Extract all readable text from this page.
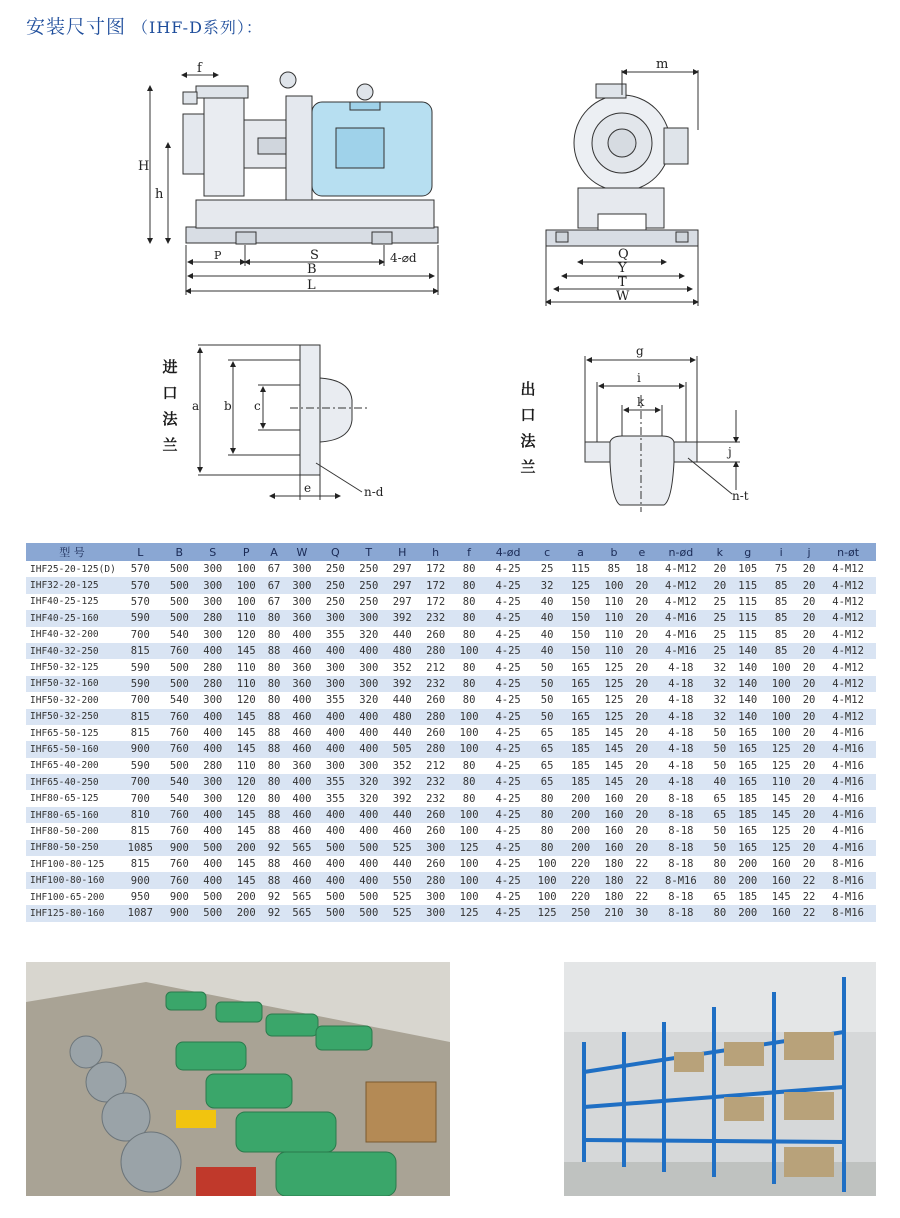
安装尺寸图 （IHF-D系列）：
f
H
h
P	S	4-⌀d
B
L
m
Q
Y
T
W
a b c
e	n-d
g
i
k
j
n-t
进
口
法
兰
出
口
法
兰
型 号	L	B	S	P	A	W	Q	T	H	h	f	4-ød	c	a	b	e	n-ød	k	g	i	j	n-øt
IHF25-20-125(D)	570	500	300	100	67	300	250	250	297	172	80	4-25	25	115	85	18	4-M12	20	105	75	20	4-M12
IHF32-20-125	570	500	300	100	67	300	250	250	297	172	80	4-25	32	125	100	20	4-M12	20	115	85	20	4-M12
IHF40-25-125	570	500	300	100	67	300	250	250	297	172	80	4-25	40	150	110	20	4-M12	25	115	85	20	4-M12
IHF40-25-160	590	500	280	110	80	360	300	300	392	232	80	4-25	40	150	110	20	4-M16	25	115	85	20	4-M12
IHF40-32-200	700	540	300	120	80	400	355	320	440	260	80	4-25	40	150	110	20	4-M16	25	115	85	20	4-M12
IHF40-32-250	815	760	400	145	88	460	400	400	480	280	100	4-25	40	150	110	20	4-M16	25	140	85	20	4-M12
IHF50-32-125	590	500	280	110	80	360	300	300	352	212	80	4-25	50	165	125	20	4-18	32	140	100	20	4-M12
IHF50-32-160	590	500	280	110	80	360	300	300	392	232	80	4-25	50	165	125	20	4-18	32	140	100	20	4-M12
IHF50-32-200	700	540	300	120	80	400	355	320	440	260	80	4-25	50	165	125	20	4-18	32	140	100	20	4-M12
IHF50-32-250	815	760	400	145	88	460	400	400	480	280	100	4-25	50	165	125	20	4-18	32	140	100	20	4-M12
IHF65-50-125	815	760	400	145	88	460	400	400	440	260	100	4-25	65	185	145	20	4-18	50	165	100	20	4-M16
IHF65-50-160	900	760	400	145	88	460	400	400	505	280	100	4-25	65	185	145	20	4-18	50	165	125	20	4-M16
IHF65-40-200	590	500	280	110	80	360	300	300	352	212	80	4-25	65	185	145	20	4-18	50	165	125	20	4-M16
IHF65-40-250	700	540	300	120	80	400	355	320	392	232	80	4-25	65	185	145	20	4-18	40	165	110	20	4-M16
IHF80-65-125	700	540	300	120	80	400	355	320	392	232	80	4-25	80	200	160	20	8-18	65	185	145	20	4-M16
IHF80-65-160	810	760	400	145	88	460	400	400	440	260	100	4-25	80	200	160	20	8-18	65	185	145	20	4-M16
IHF80-50-200	815	760	400	145	88	460	400	400	460	260	100	4-25	80	200	160	20	8-18	50	165	125	20	4-M16
IHF80-50-250	1085	900	500	200	92	565	500	500	525	300	125	4-25	80	200	160	20	8-18	50	165	125	20	4-M16
IHF100-80-125	815	760	400	145	88	460	400	400	440	260	100	4-25	100	220	180	22	8-18	80	200	160	20	8-M16
IHF100-80-160	900	760	400	145	88	460	400	400	550	280	100	4-25	100	220	180	22	8-M16	80	200	160	22	8-M16
IHF100-65-200	950	900	500	200	92	565	500	500	525	300	100	4-25	100	220	180	22	8-18	65	185	145	22	4-M16
IHF125-80-160	1087	900	500	200	92	565	500	500	525	300	125	4-25	125	250	210	30	8-18	80	200	160	22	8-M16
